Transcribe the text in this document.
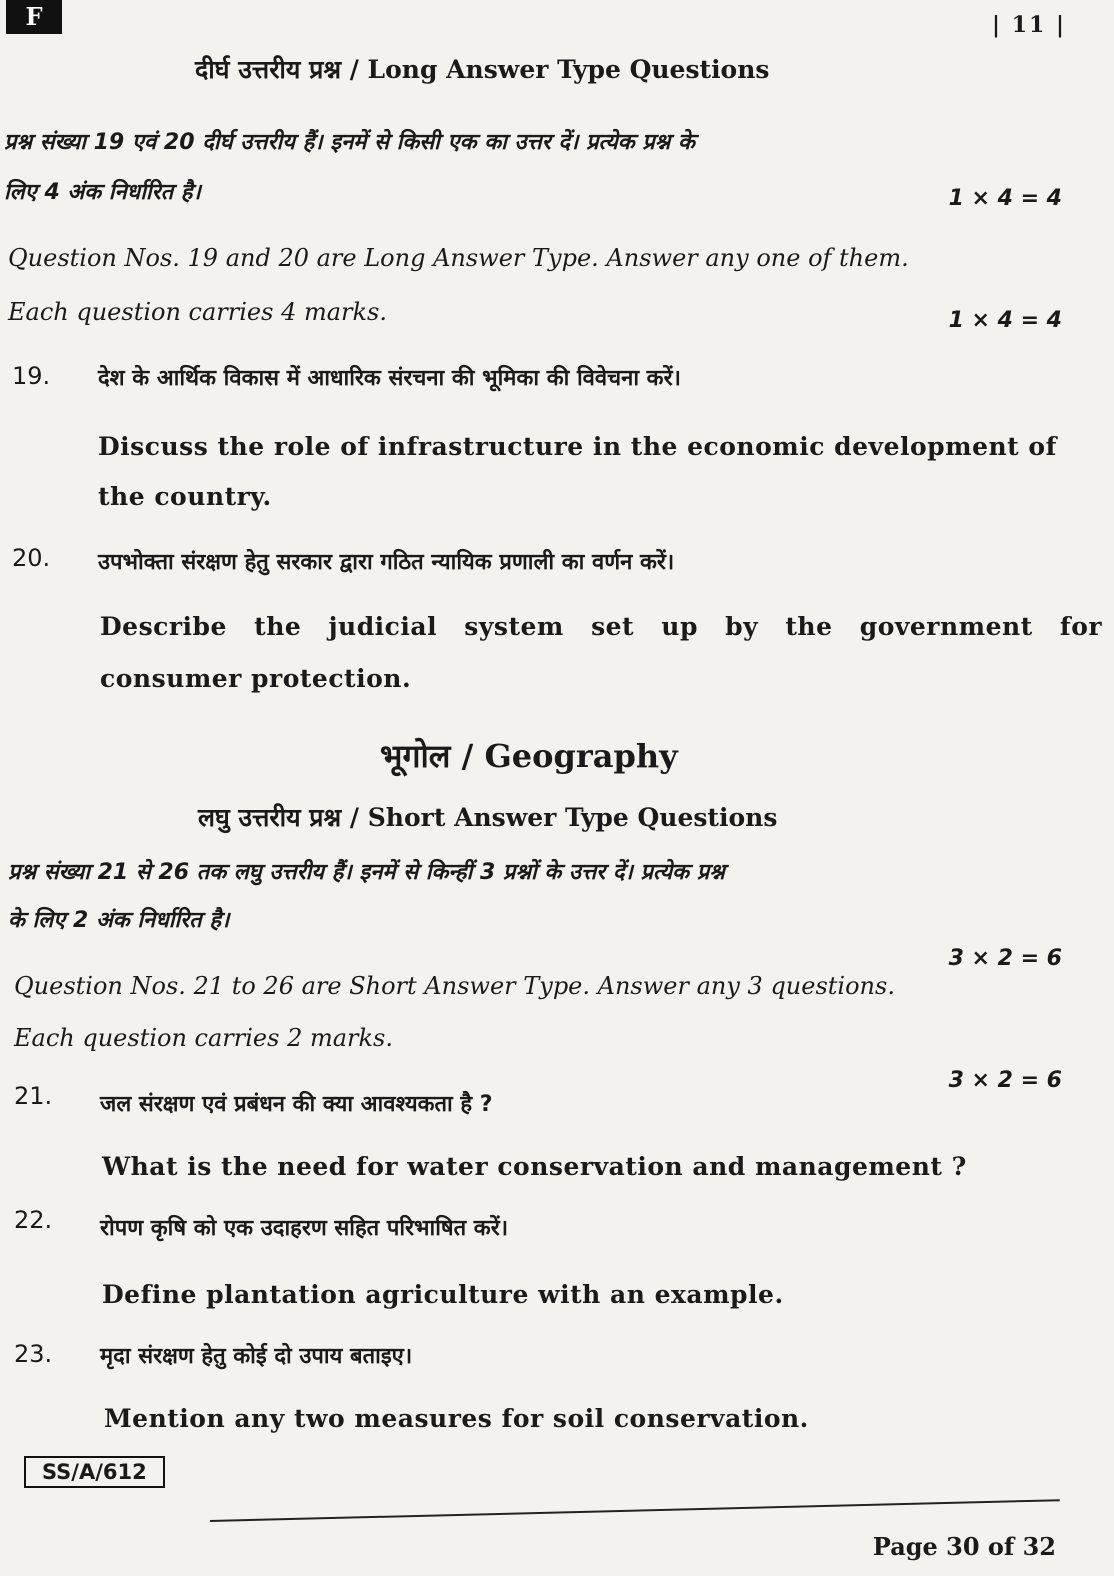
F	| 11 |
दीर्घ उत्तरीय प्रश्न / Long Answer Type Questions
प्रश्न संख्या 19 एवं 20 दीर्घ उत्तरीय हैं। इनमें से किसी एक का उत्तर दें। प्रत्येक प्रश्न के
लिए 4 अंक निर्धारित है।	1 × 4 = 4
Question Nos. 19 and 20 are Long Answer Type. Answer any one of them.
Each question carries 4 marks.	1 × 4 = 4
19. देश के आर्थिक विकास में आधारिक संरचना की भूमिका की विवेचना करें।
Discuss the role of infrastructure in the economic development of
the country.
20. उपभोक्ता संरक्षण हेतु सरकार द्वारा गठित न्यायिक प्रणाली का वर्णन करें।
Describe the judicial system set up by the government for
consumer protection.
भूगोल / Geography
लघु उत्तरीय प्रश्न / Short Answer Type Questions
प्रश्न संख्या 21 से 26 तक लघु उत्तरीय हैं। इनमें से किन्हीं 3 प्रश्नों के उत्तर दें। प्रत्येक प्रश्न
के लिए 2 अंक निर्धारित है।
3 × 2 = 6
Question Nos. 21 to 26 are Short Answer Type. Answer any 3 questions.
Each question carries 2 marks.
3 × 2 = 6
21. जल संरक्षण एवं प्रबंधन की क्या आवश्यकता है ?
What is the need for water conservation and management ?
22. रोपण कृषि को एक उदाहरण सहित परिभाषित करें।
Define plantation agriculture with an example.
23. मृदा संरक्षण हेतु कोई दो उपाय बताइए।
Mention any two measures for soil conservation.
SS/A/612
Page 30 of 32
